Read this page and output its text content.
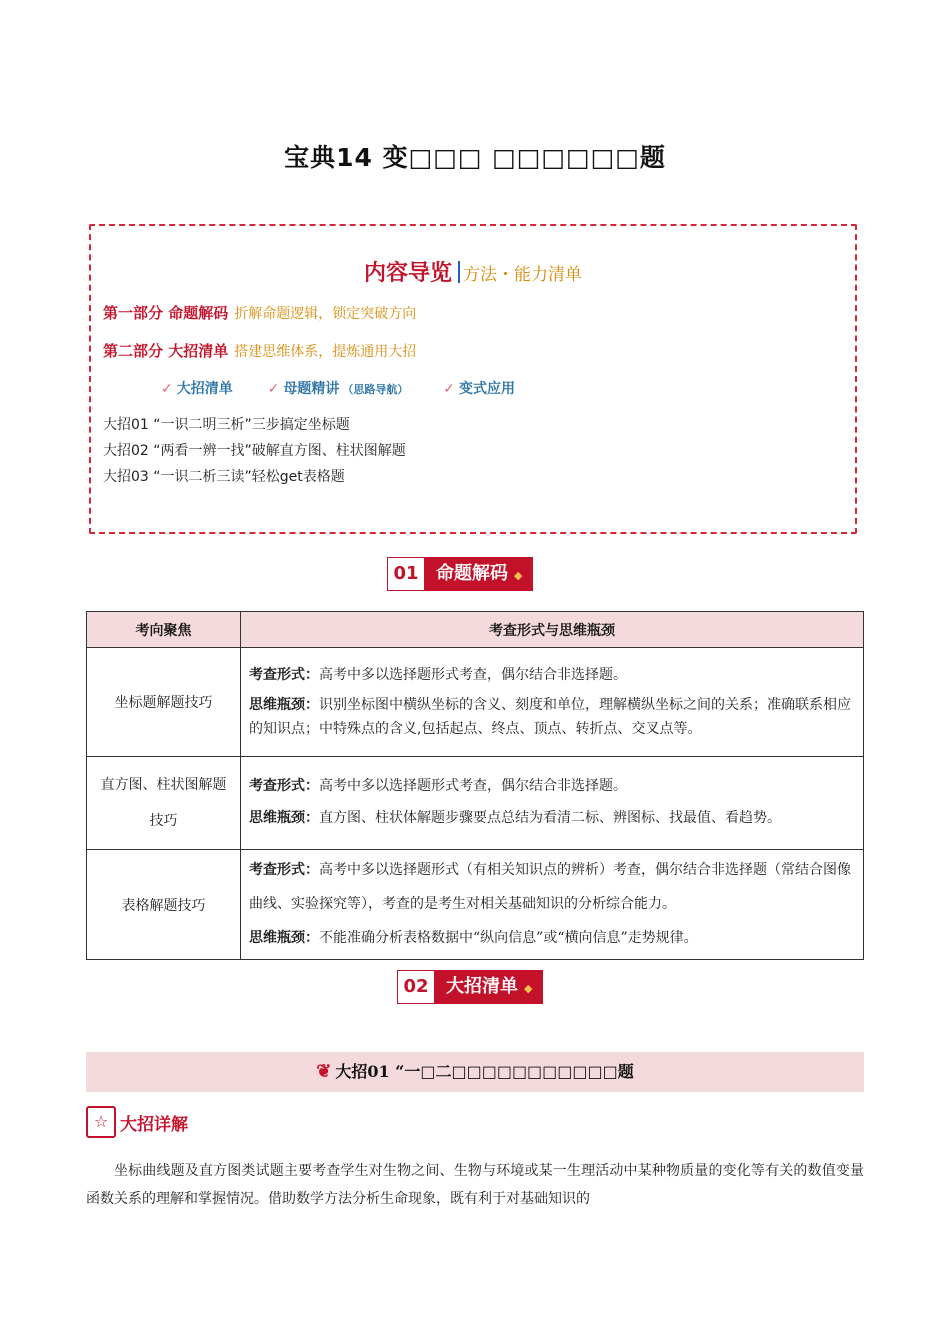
宝典14 变□□□ □□□□□□题
内容导览 方法・能力清单
第一部分 命题解码 折解命题逻辑，锁定突破方向
第二部分 大招清单 搭建思维体系，提炼通用大招
✓ 大招清单 ✓ 母题精讲 （思路导航） ✓ 变式应用
大招01 “一识二明三析”三步搞定坐标题
大招02 “两看一辨一找”破解直方图、柱状图解题
大招03 “一识二析三读”轻松get表格题
01 命题解码 ◆
考向聚焦	考查形式与思维瓶颈
坐标题解题技巧	考查形式：高考中多以选择题形式考查，偶尔结合非选择题。
思维瓶颈：识别坐标图中横纵坐标的含义、刻度和单位，理解横纵坐标之间的关系；准确联系相应的知识点；中特殊点的含义,包括起点、终点、顶点、转折点、交叉点等。

直方图、柱状图解题技巧	考查形式：高考中多以选择题形式考查，偶尔结合非选择题。
思维瓶颈：直方图、柱状体解题步骤要点总结为看清二标、辨图标、找最值、看趋势。

表格解题技巧	考查形式：高考中多以选择题形式（有相关知识点的辨析）考查，偶尔结合非选择题（常结合图像曲线、实验探究等），考查的是考生对相关基础知识的分析综合能力。
思维瓶颈：不能准确分析表格数据中“纵向信息”或“横向信息”走势规律。
02 大招清单 ◆
❦ 大招01 “一□二□□□□□□□□□□□题
☆ 大招详解
坐标曲线题及直方图类试题主要考查学生对生物之间、生物与环境或某一生理活动中某种物质量的变化等有关的数值变量函数关系的理解和掌握情况。借助数学方法分析生命现象，既有利于对基础知识的
